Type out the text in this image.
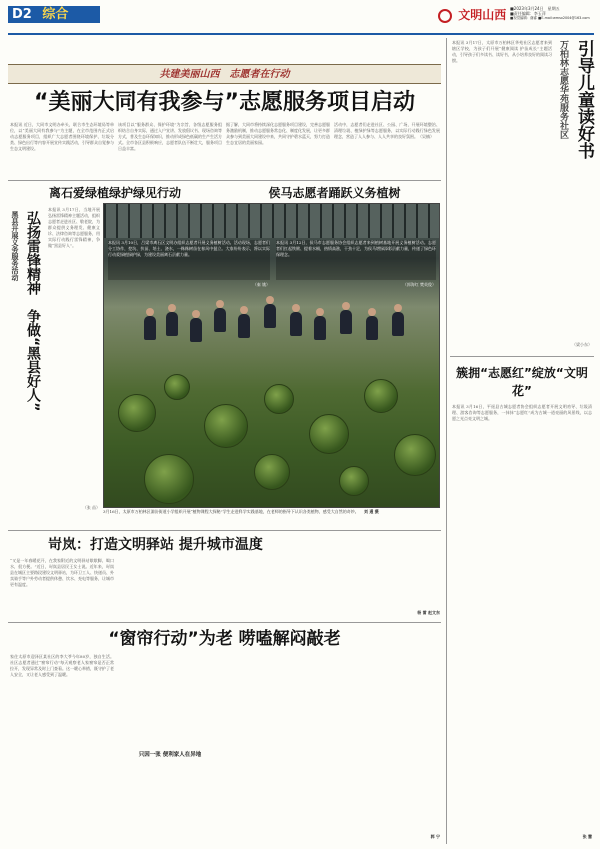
D2 综合	文明山西 ■2023年3月24日　星期五
■责任编辑：李玉萍
■视觉编辑：谢睿 ■E-mail:wmsx2004@163.com
共建美丽山西　志愿者在行动
“美丽大同有我参与”志愿服务项目启动
本报讯 近日，大同市文明办牵头，联合市生态环境局等单位，以“美丽大同有我参与”为主题，在全市范围内正式启动志愿服务项目，组织广大志愿者围绕环境保护、垃圾分类、绿色出行等内容开展宣传实践活动，引导群众自觉参与生态文明建设。
该项目以“服务群众、保护环境”为宗旨，各级志愿服务组织结合自身实际，通过入户宣讲、发放倡议书、现场咨询等方式，普及生态环保知识，推动形成绿色低碳的生产生活方式。全市各区县积极响应，志愿者队伍不断壮大，服务项目日益丰富。
据了解，大同市将持续深化志愿服务项目建设，完善志愿服务激励机制，推动志愿服务常态化、制度化发展，让更多群众参与到美丽大同建设中来，共同守护碧水蓝天，努力打造生态宜居的美丽家园。
活动中，志愿者们走进社区、公园、广场，开展环境整治、清理垃圾、植绿护绿等志愿服务，以实际行动践行绿色发展理念，营造了人人参与、人人共享的良好氛围。（吴楠）
离石爱绿植绿护绿见行动	侯马志愿者踊跃义务植树
黑县开展义务服务活动 弘扬雷锋精神　争做“黑县好人”
本报讯 3月17日，当地开展弘扬雷锋精神主题活动，组织志愿者走进社区、敬老院，为群众提供义务理发、健康义诊、法律咨询等志愿服务，用实际行动践行雷锋精神，争做“黑县好人”。
（张 苗）
本报讯 3月10日，吕梁市离石区文明办组织志愿者开展义务植树活动。活动现场，志愿者们分工协作，挖坑、扶苗、培土、浇水，一株株树苗在春风中挺立。大家纷纷表示，将以实际行动爱绿植绿护绿，为建设美丽离石贡献力量。
（秦 娥）
本报讯 3月12日，侯马市志愿服务协会组织志愿者来到植树基地开展义务植树活动。志愿者们扛起铁锹、提着水桶，热情高涨，干劲十足，为侯马增绿添彩贡献力量，传递了绿色环保理念。
（郭海红 樊英俊）
3月16日，太原市万柏林区漪汾街道小学组织开展“植物课程大探秘”学生走进科学实践基地，在老师的指导下认识各类植物，感受大自然的奇妙。 刘 通 摄
岢岚：打造文明驿站 提升城市温度
“又是一年春暖花开，在我家附近的文明驿站歇歇脚、喝口水，很方便。”近日，岢岚县居民王女士说。近年来，岢岚县在城区主要路段建设文明驿站，为环卫工人、快递员、外卖骑手等户外劳动者提供休憩、饮水、充电等服务，让城市更有温度。
杨 雷 赵文东
“窗帘行动”为老 唠嗑解闷敲老
家住太原市迎泽区某社区的李大爷今年80岁，独自生活。社区志愿者通过“窗帘行动”每天观察老人家窗帘是否正常拉开，发现异常及时上门查看。这一暖心举措，既守护了老人安全，又让老人感受到了温暖。
只因一张 便利家人在异地
郭 宁
引导儿童读好书
万柏林志愿华苑服务社区
本报讯 3月17日，太原市万柏林区华苑社区志愿者来到辖区学校，为孩子们开展“健康阅读 护苗成长”主题活动，引导孩子们多读书、读好书，从小培养良好的阅读习惯。
（梁小东）
簇拥“志愿红”绽放“文明花”
本报讯 3月16日，平遥县古城志愿者协会组织志愿者开展文明劝导、垃圾清理、游客咨询等志愿服务，一抹抹“志愿红”成为古城一道亮丽的风景线，以志愿之光点亮文明之城。
张 慧
